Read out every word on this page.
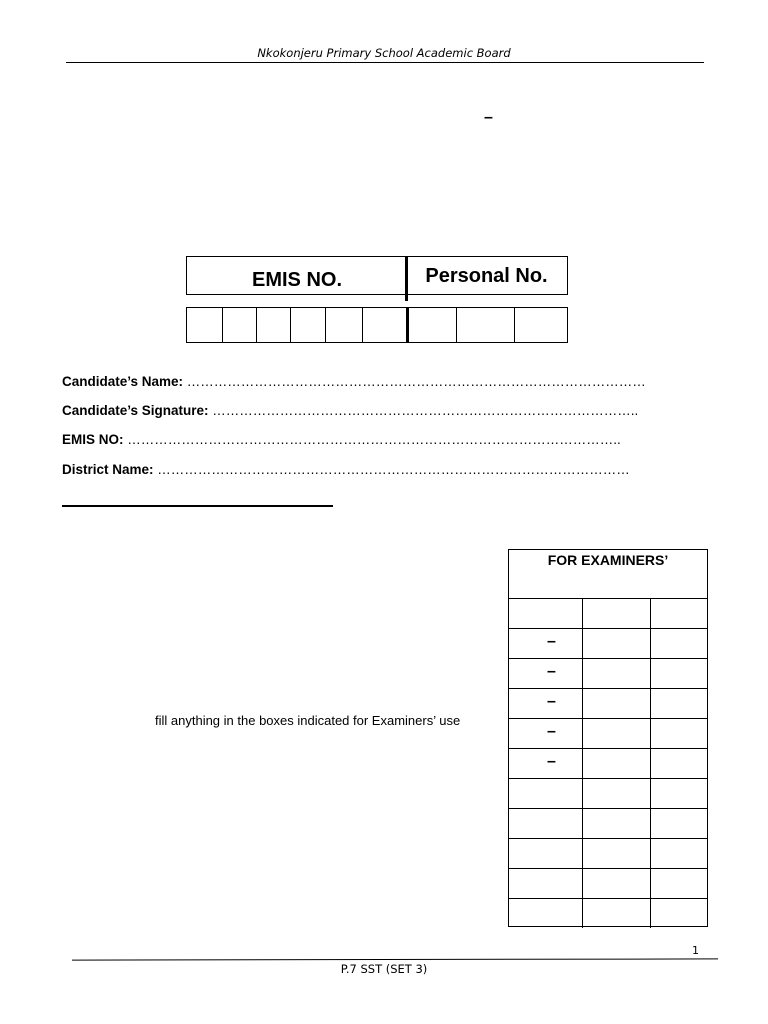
Nkokonjeru Primary School Academic Board
–
EMIS NO.	Personal No.
Candidate’s Name: …………………………………………………………………………………………
Candidate’s Signature: …………………………………………………………………………………..
EMIS NO: ………………………………………………………………………………………………..
District Name: ……………………………………………………………………………………………
fill anything in the boxes indicated for Examiners’ use
FOR EXAMINERS’
–
–
–
–
–
1
P.7 SST (SET 3)
